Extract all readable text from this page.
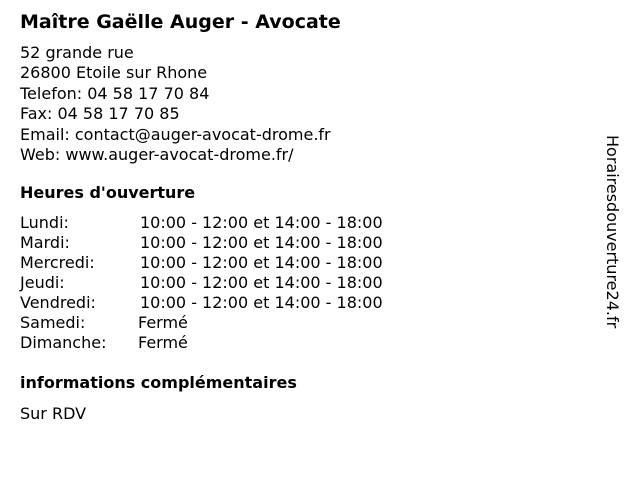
Maître Gaëlle Auger - Avocate
52 grande rue
26800 Etoile sur Rhone
Telefon: 04 58 17 70 84
Fax: 04 58 17 70 85
Email: contact@auger-avocat-drome.fr
Web: www.auger-avocat-drome.fr/
Heures d'ouverture
Lundi:	10:00 - 12:00 et 14:00 - 18:00
Mardi:	10:00 - 12:00 et 14:00 - 18:00
Mercredi:	10:00 - 12:00 et 14:00 - 18:00
Jeudi:	10:00 - 12:00 et 14:00 - 18:00
Vendredi:	10:00 - 12:00 et 14:00 - 18:00
Samedi:	Fermé
Dimanche: Fermé
informations complémentaires
Sur RDV
Horairesdouverture24.fr
